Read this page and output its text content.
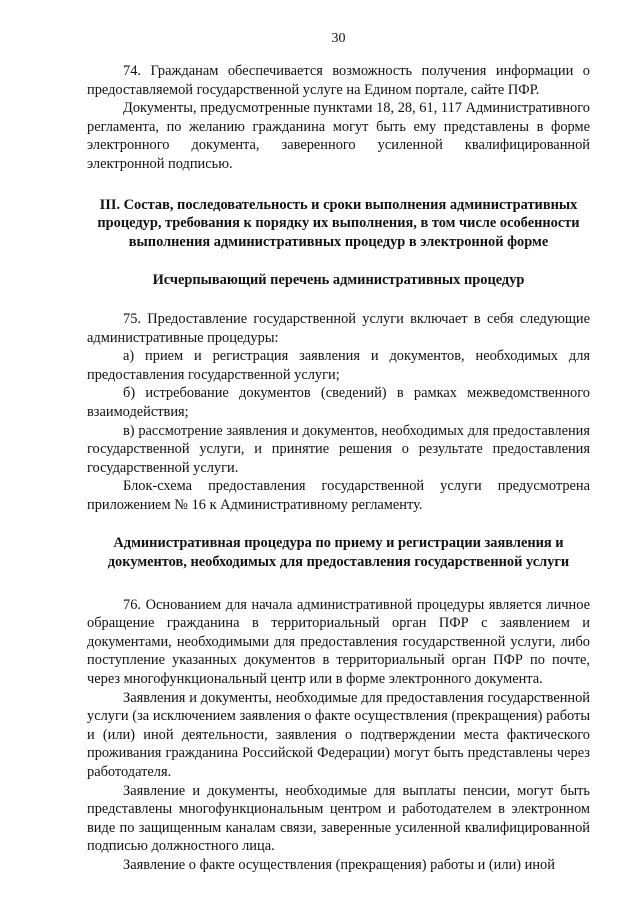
30

74. Гражданам обеспечивается возможность получения информации о предоставляемой государственной услуге на Едином портале, сайте ПФР.

Документы, предусмотренные пунктами 18, 28, 61, 117 Административного регламента, по желанию гражданина могут быть ему представлены в форме электронного документа, заверенного усиленной квалифицированной электронной подписью.

III. Состав, последовательность и сроки выполнения административных процедур, требования к порядку их выполнения, в том числе особенности выполнения административных процедур в электронной форме
Исчерпывающий перечень административных процедур

75. Предоставление государственной услуги включает в себя следующие административные процедуры:

а) прием и регистрация заявления и документов, необходимых для предоставления государственной услуги;

б) истребование документов (сведений) в рамках межведомственного взаимодействия;

в) рассмотрение заявления и документов, необходимых для предоставления государственной услуги, и принятие решения о результате предоставления государственной услуги.

Блок-схема предоставления государственной услуги предусмотрена приложением № 16 к Административному регламенту.

Административная процедура по приему и регистрации заявления и документов, необходимых для предоставления государственной услуги

76. Основанием для начала административной процедуры является личное обращение гражданина в территориальный орган ПФР с заявлением и документами, необходимыми для предоставления государственной услуги, либо поступление указанных документов в территориальный орган ПФР по почте, через многофункциональный центр или в форме электронного документа.

Заявления и документы, необходимые для предоставления государственной услуги (за исключением заявления о факте осуществления (прекращения) работы и (или) иной деятельности, заявления о подтверждении места фактического проживания гражданина Российской Федерации) могут быть представлены через работодателя.

Заявление и документы, необходимые для выплаты пенсии, могут быть представлены многофункциональным центром и работодателем в электронном виде по защищенным каналам связи, заверенные усиленной квалифицированной подписью должностного лица.

Заявление о факте осуществления (прекращения) работы и (или) иной
